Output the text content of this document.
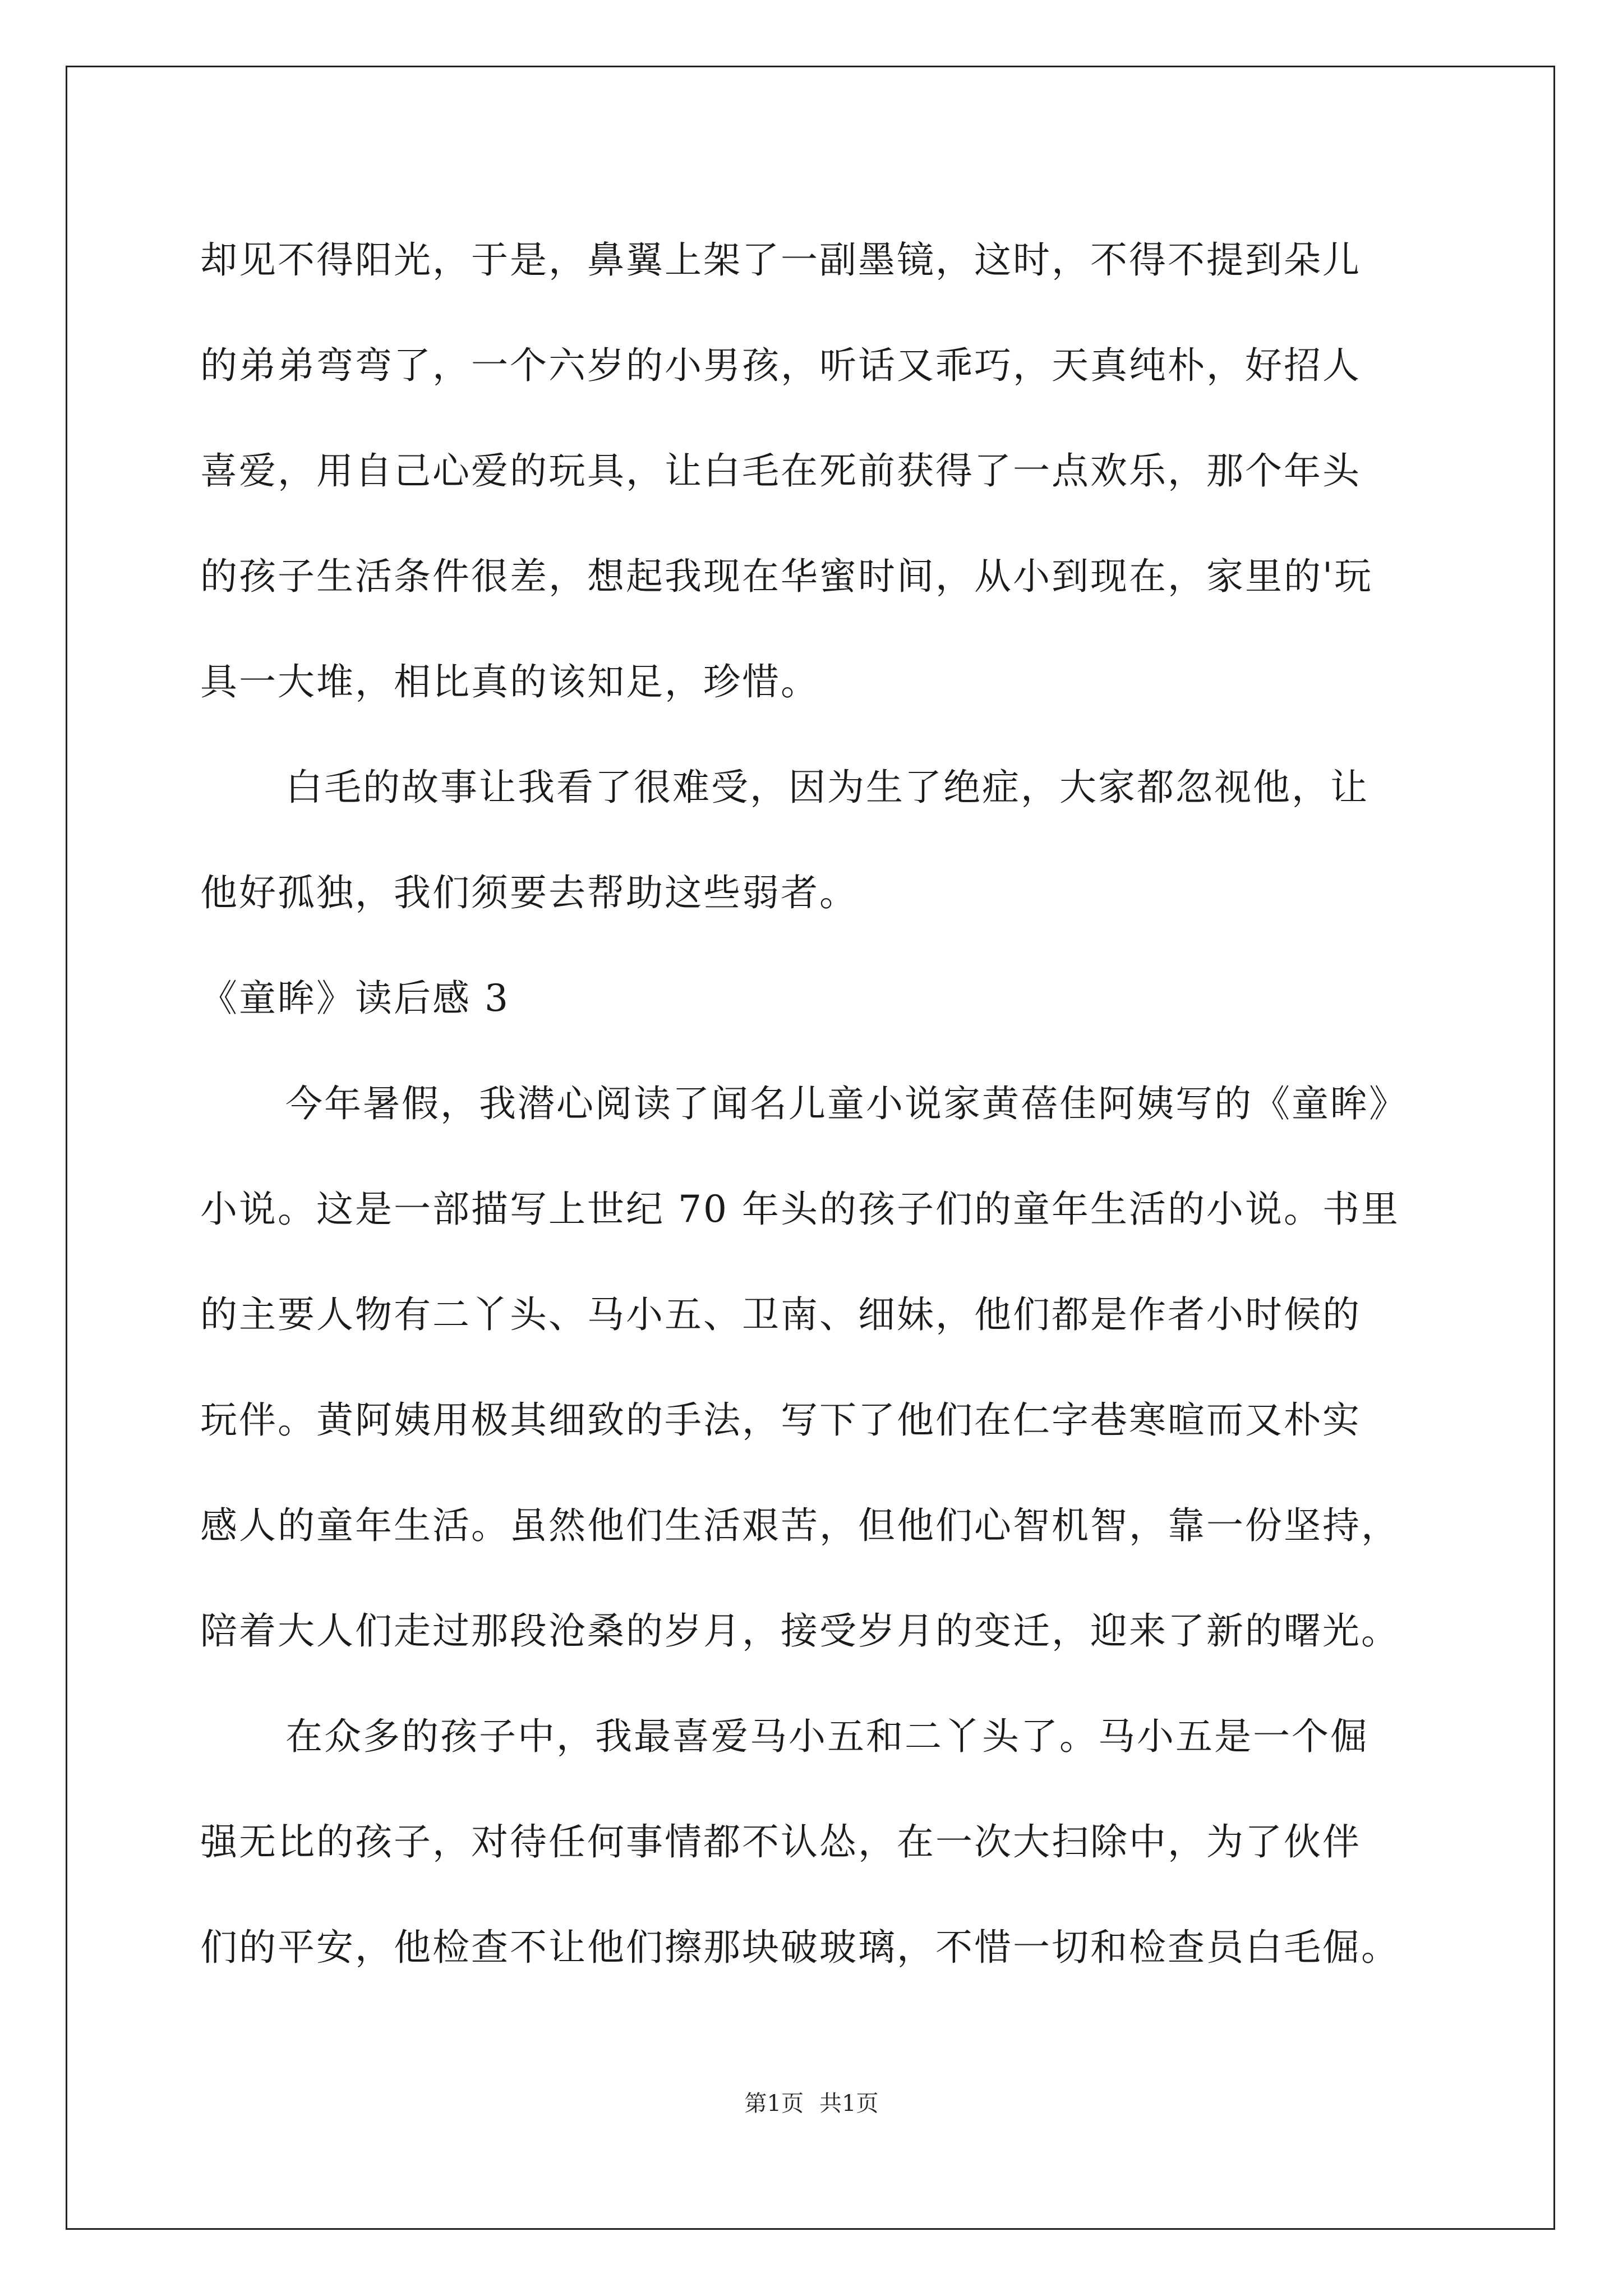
却见不得阳光，于是，鼻翼上架了一副墨镜，这时，不得不提到朵儿
的弟弟弯弯了，一个六岁的小男孩，听话又乖巧，天真纯朴，好招人
喜爱，用自己心爱的玩具，让白毛在死前获得了一点欢乐，那个年头
的孩子生活条件很差，想起我现在华蜜时间，从小到现在，家里的'玩
具一大堆，相比真的该知足，珍惜。
白毛的故事让我看了很难受，因为生了绝症，大家都忽视他，让
他好孤独，我们须要去帮助这些弱者。
《童眸》读后感 3
今年暑假，我潜心阅读了闻名儿童小说家黄蓓佳阿姨写的《童眸》
小说。这是一部描写上世纪 70 年头的孩子们的童年生活的小说。书里
的主要人物有二丫头、马小五、卫南、细妹，他们都是作者小时候的
玩伴。黄阿姨用极其细致的手法，写下了他们在仁字巷寒暄而又朴实
感人的童年生活。虽然他们生活艰苦，但他们心智机智，靠一份坚持，
陪着大人们走过那段沧桑的岁月，接受岁月的变迁，迎来了新的曙光。
在众多的孩子中，我最喜爱马小五和二丫头了。马小五是一个倔
强无比的孩子，对待任何事情都不认怂，在一次大扫除中，为了伙伴
们的平安，他检查不让他们擦那块破玻璃，不惜一切和检查员白毛倔。
第1页 共1页
